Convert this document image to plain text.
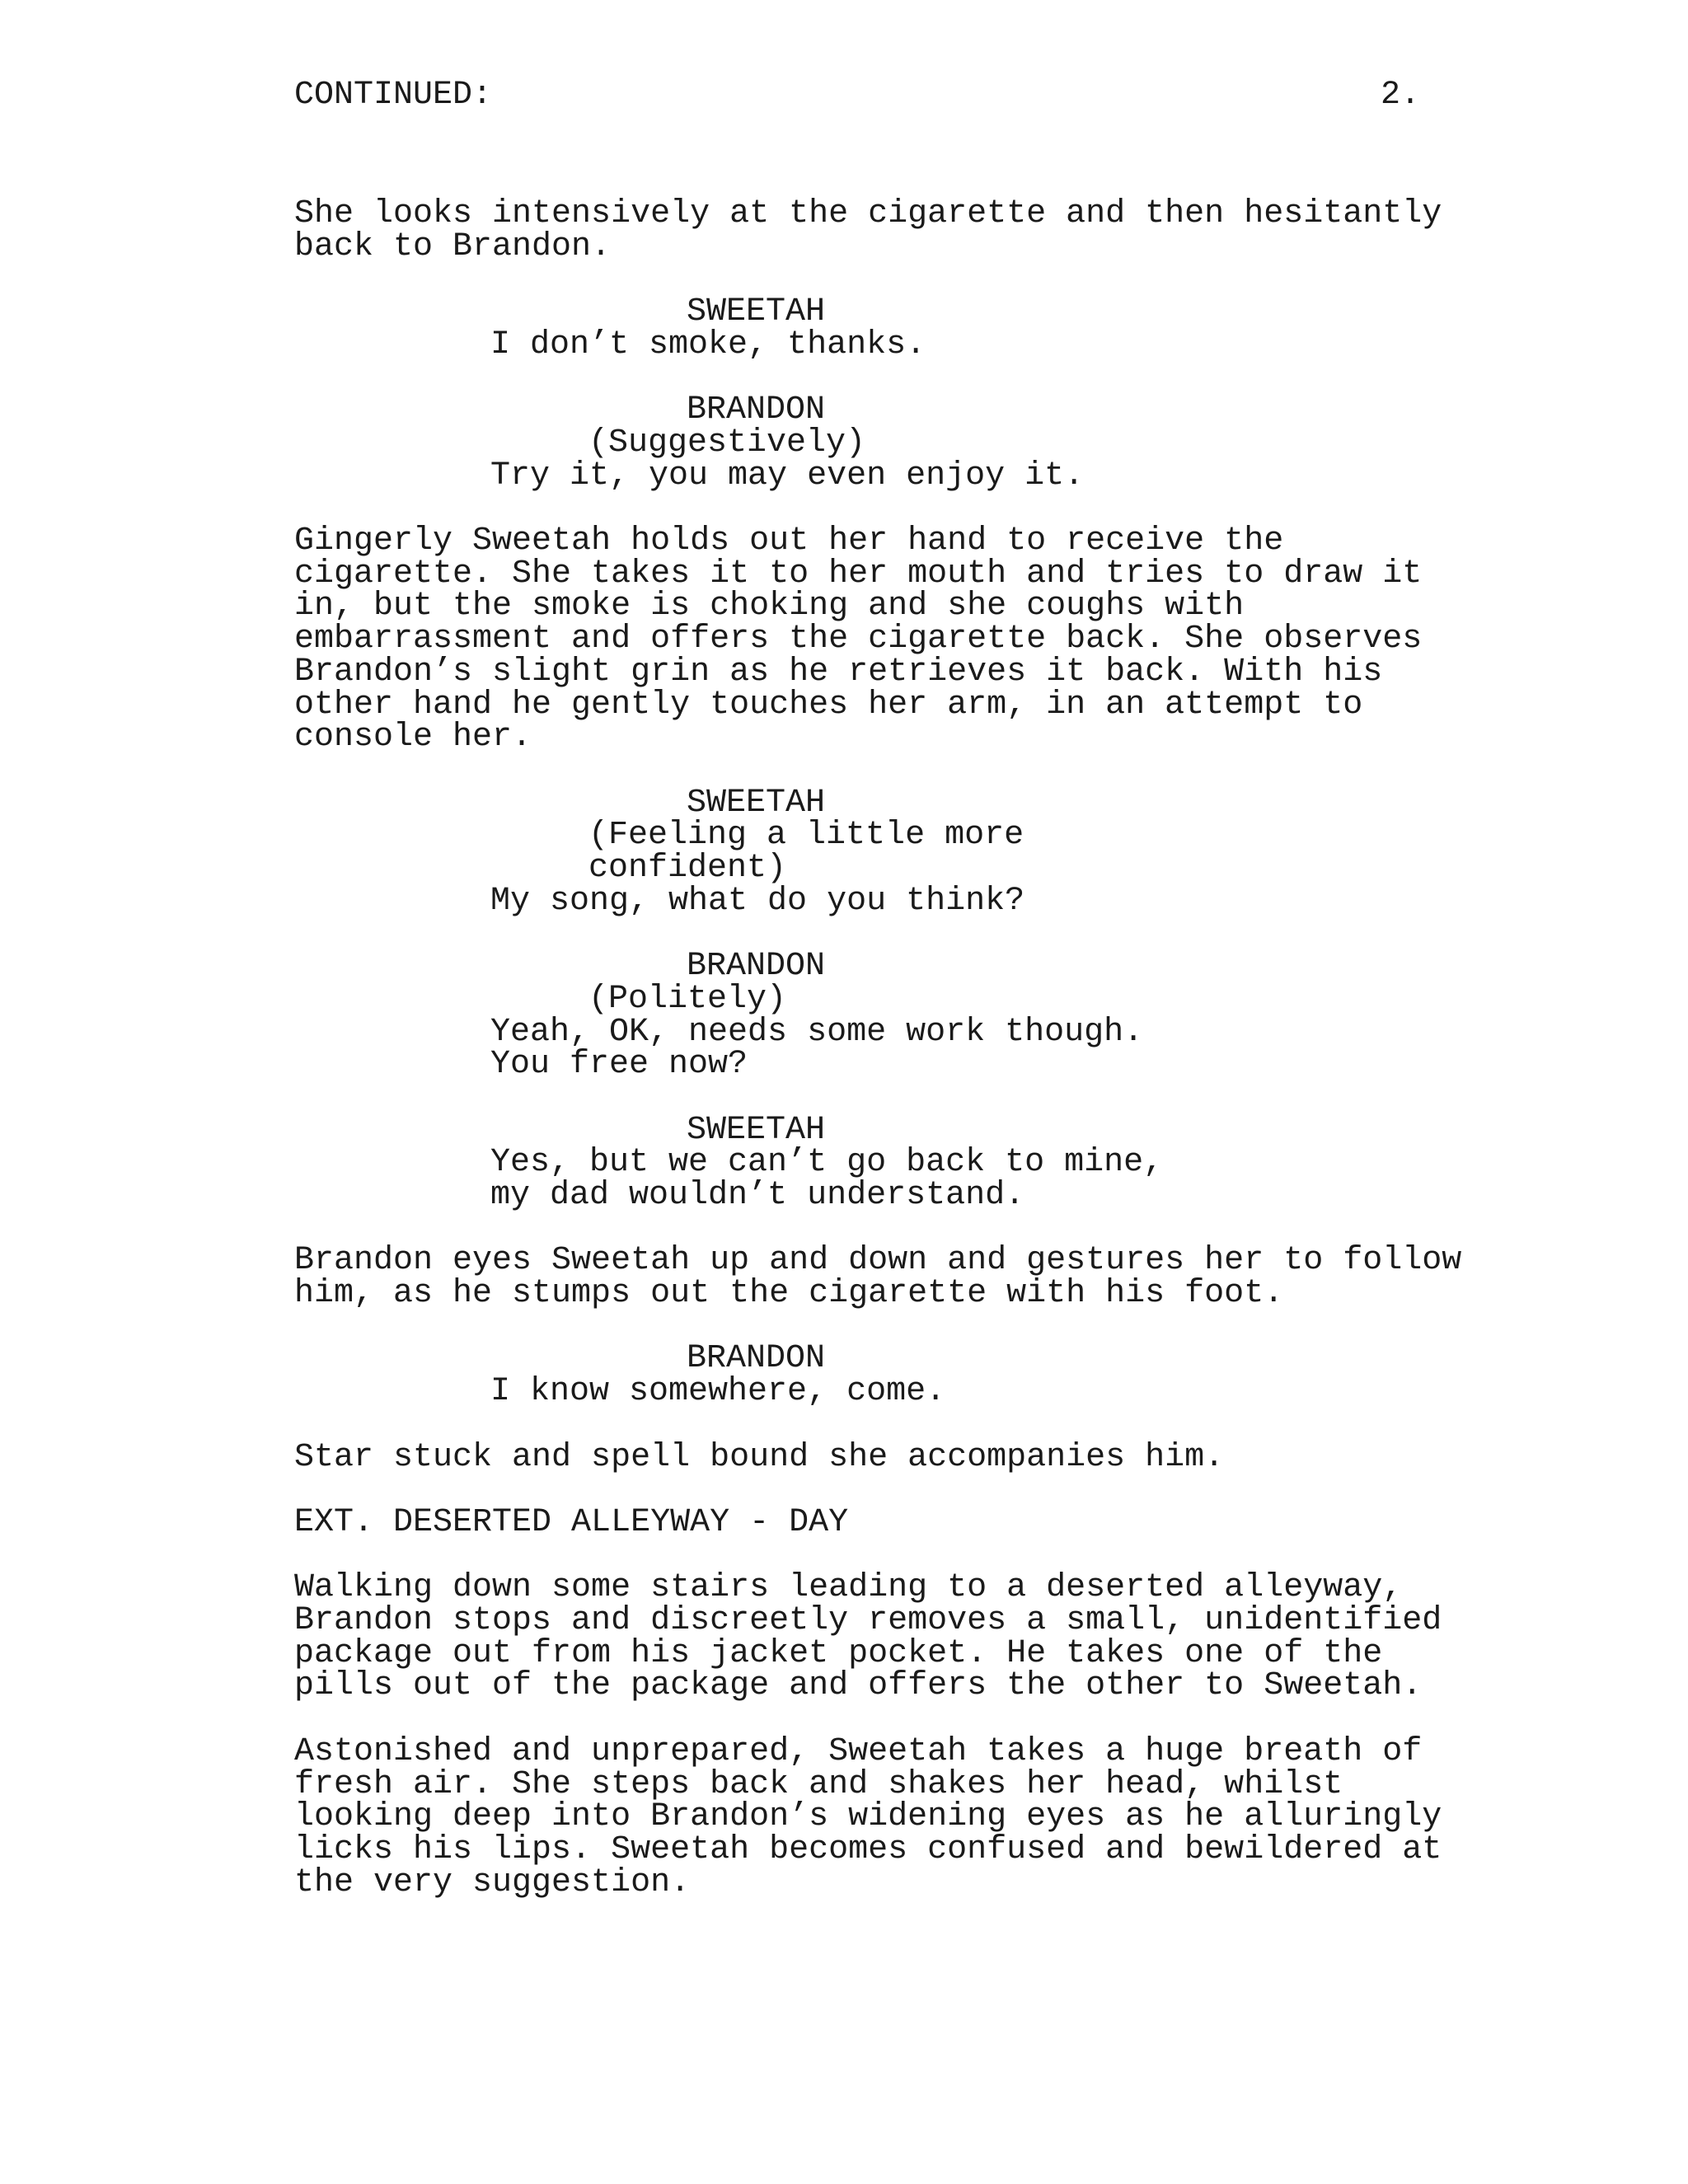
CONTINUED:	2.
She looks intensively at the cigarette and then hesitantly
back to Brandon.
SWEETAH
I don’t smoke, thanks.
BRANDON
(Suggestively)
Try it, you may even enjoy it.
Gingerly Sweetah holds out her hand to receive the
cigarette. She takes it to her mouth and tries to draw it
in, but the smoke is choking and she coughs with
embarrassment and offers the cigarette back. She observes
Brandon’s slight grin as he retrieves it back. With his
other hand he gently touches her arm, in an attempt to
console her.
SWEETAH
(Feeling a little more
confident)
My song, what do you think?
BRANDON
(Politely)
Yeah, OK, needs some work though.
You free now?
SWEETAH
Yes, but we can’t go back to mine,
my dad wouldn’t understand.
Brandon eyes Sweetah up and down and gestures her to follow
him, as he stumps out the cigarette with his foot.
BRANDON
I know somewhere, come.
Star stuck and spell bound she accompanies him.
EXT. DESERTED ALLEYWAY - DAY
Walking down some stairs leading to a deserted alleyway,
Brandon stops and discreetly removes a small, unidentified
package out from his jacket pocket. He takes one of the
pills out of the package and offers the other to Sweetah.
Astonished and unprepared, Sweetah takes a huge breath of
fresh air. She steps back and shakes her head, whilst
looking deep into Brandon’s widening eyes as he alluringly
licks his lips. Sweetah becomes confused and bewildered at
the very suggestion.
